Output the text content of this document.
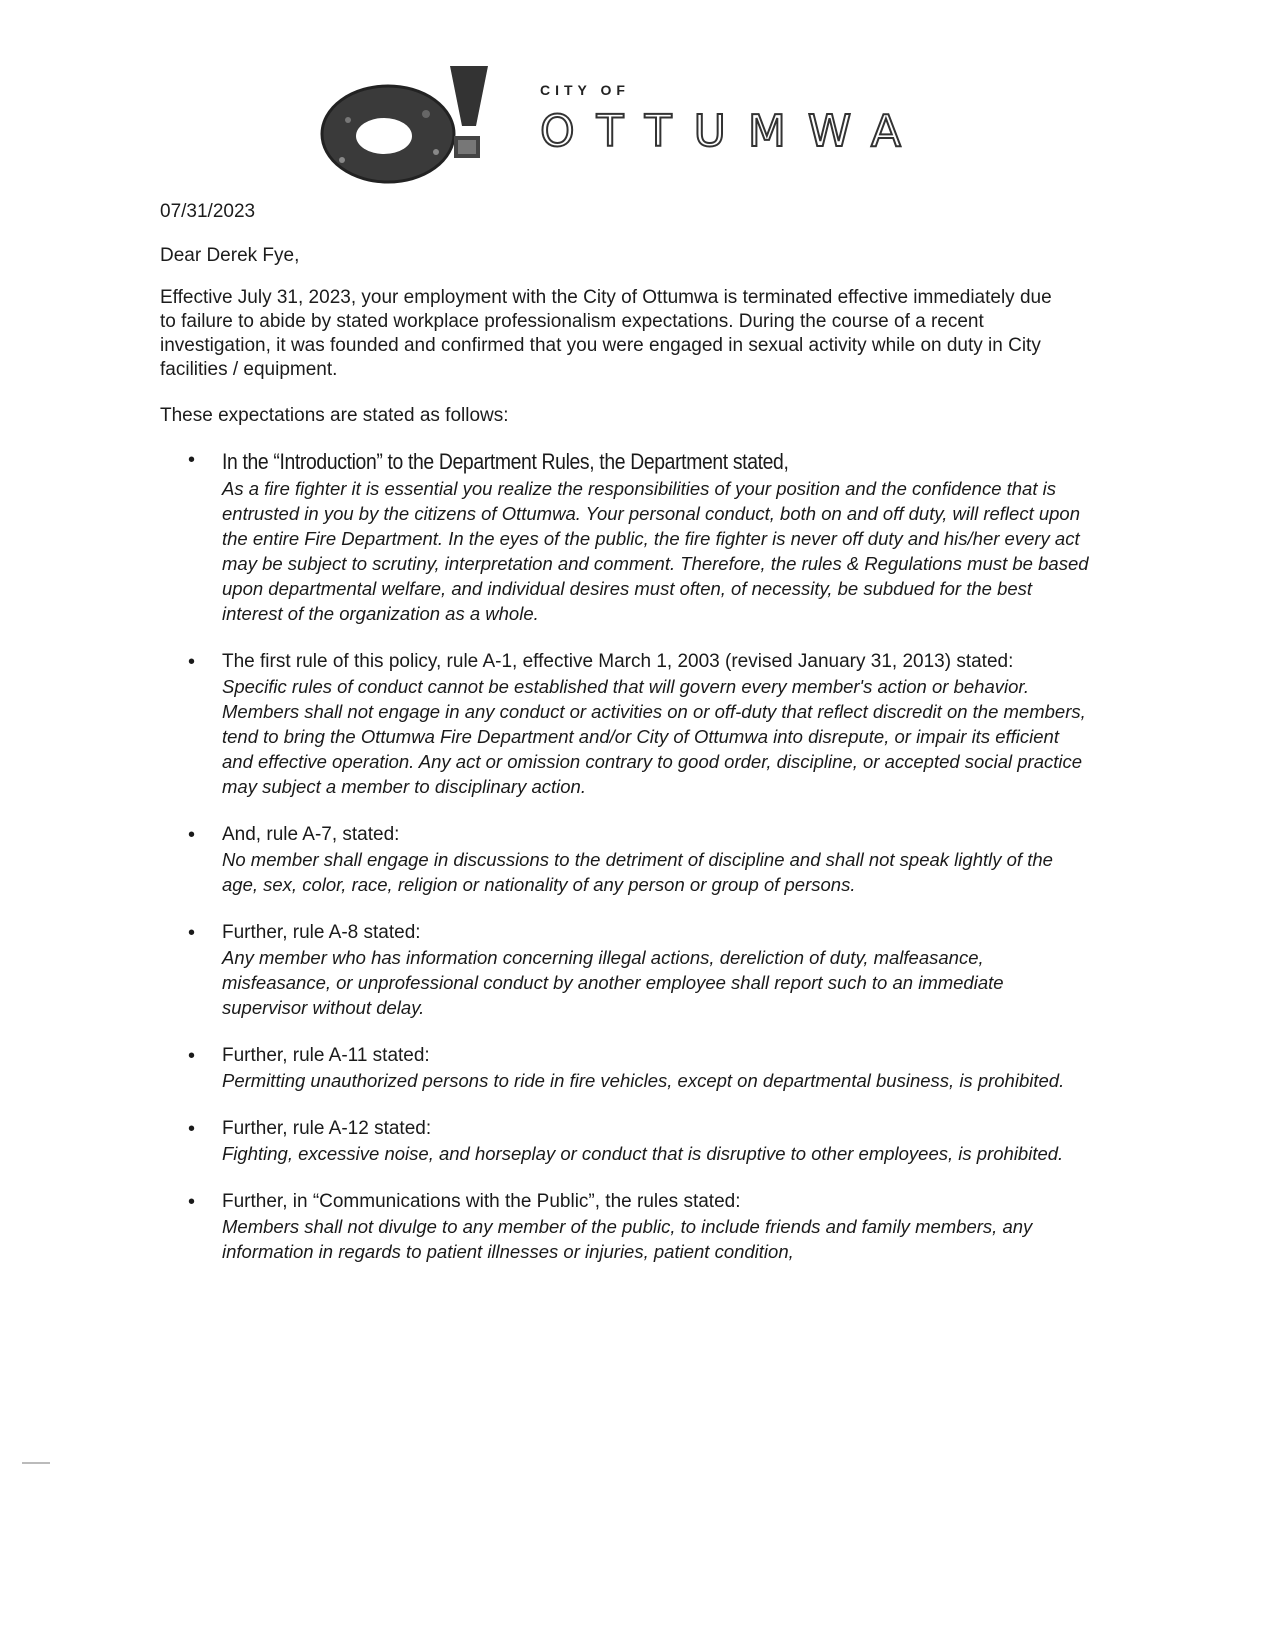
CITY OF
OTTUMWA
07/31/2023
Dear Derek Fye,
Effective July 31, 2023, your employment with the City of Ottumwa is terminated effective immediately due to failure to abide by stated workplace professionalism expectations. During the course of a recent investigation, it was founded and confirmed that you were engaged in sexual activity while on duty in City facilities / equipment.
These expectations are stated as follows:
• In the “Introduction” to the Department Rules, the Department stated,
As a fire fighter it is essential you realize the responsibilities of your position and the confidence that is entrusted in you by the citizens of Ottumwa. Your personal conduct, both on and off duty, will reflect upon the entire Fire Department. In the eyes of the public, the fire fighter is never off duty and his/her every act may be subject to scrutiny, interpretation and comment. Therefore, the rules & Regulations must be based upon departmental welfare, and individual desires must often, of necessity, be subdued for the best interest of the organization as a whole.
• The first rule of this policy, rule A-1, effective March 1, 2003 (revised January 31, 2013) stated:
Specific rules of conduct cannot be established that will govern every member's action or behavior. Members shall not engage in any conduct or activities on or off-duty that reflect discredit on the members, tend to bring the Ottumwa Fire Department and/or City of Ottumwa into disrepute, or impair its efficient and effective operation. Any act or omission contrary to good order, discipline, or accepted social practice may subject a member to disciplinary action.
• And, rule A-7, stated:
No member shall engage in discussions to the detriment of discipline and shall not speak lightly of the age, sex, color, race, religion or nationality of any person or group of persons.
• Further, rule A-8 stated:
Any member who has information concerning illegal actions, dereliction of duty, malfeasance, misfeasance, or unprofessional conduct by another employee shall report such to an immediate supervisor without delay.
• Further, rule A-11 stated:
Permitting unauthorized persons to ride in fire vehicles, except on departmental business, is prohibited.
• Further, rule A-12 stated:
Fighting, excessive noise, and horseplay or conduct that is disruptive to other employees, is prohibited.
• Further, in “Communications with the Public”, the rules stated:
Members shall not divulge to any member of the public, to include friends and family members, any information in regards to patient illnesses or injuries, patient condition,
